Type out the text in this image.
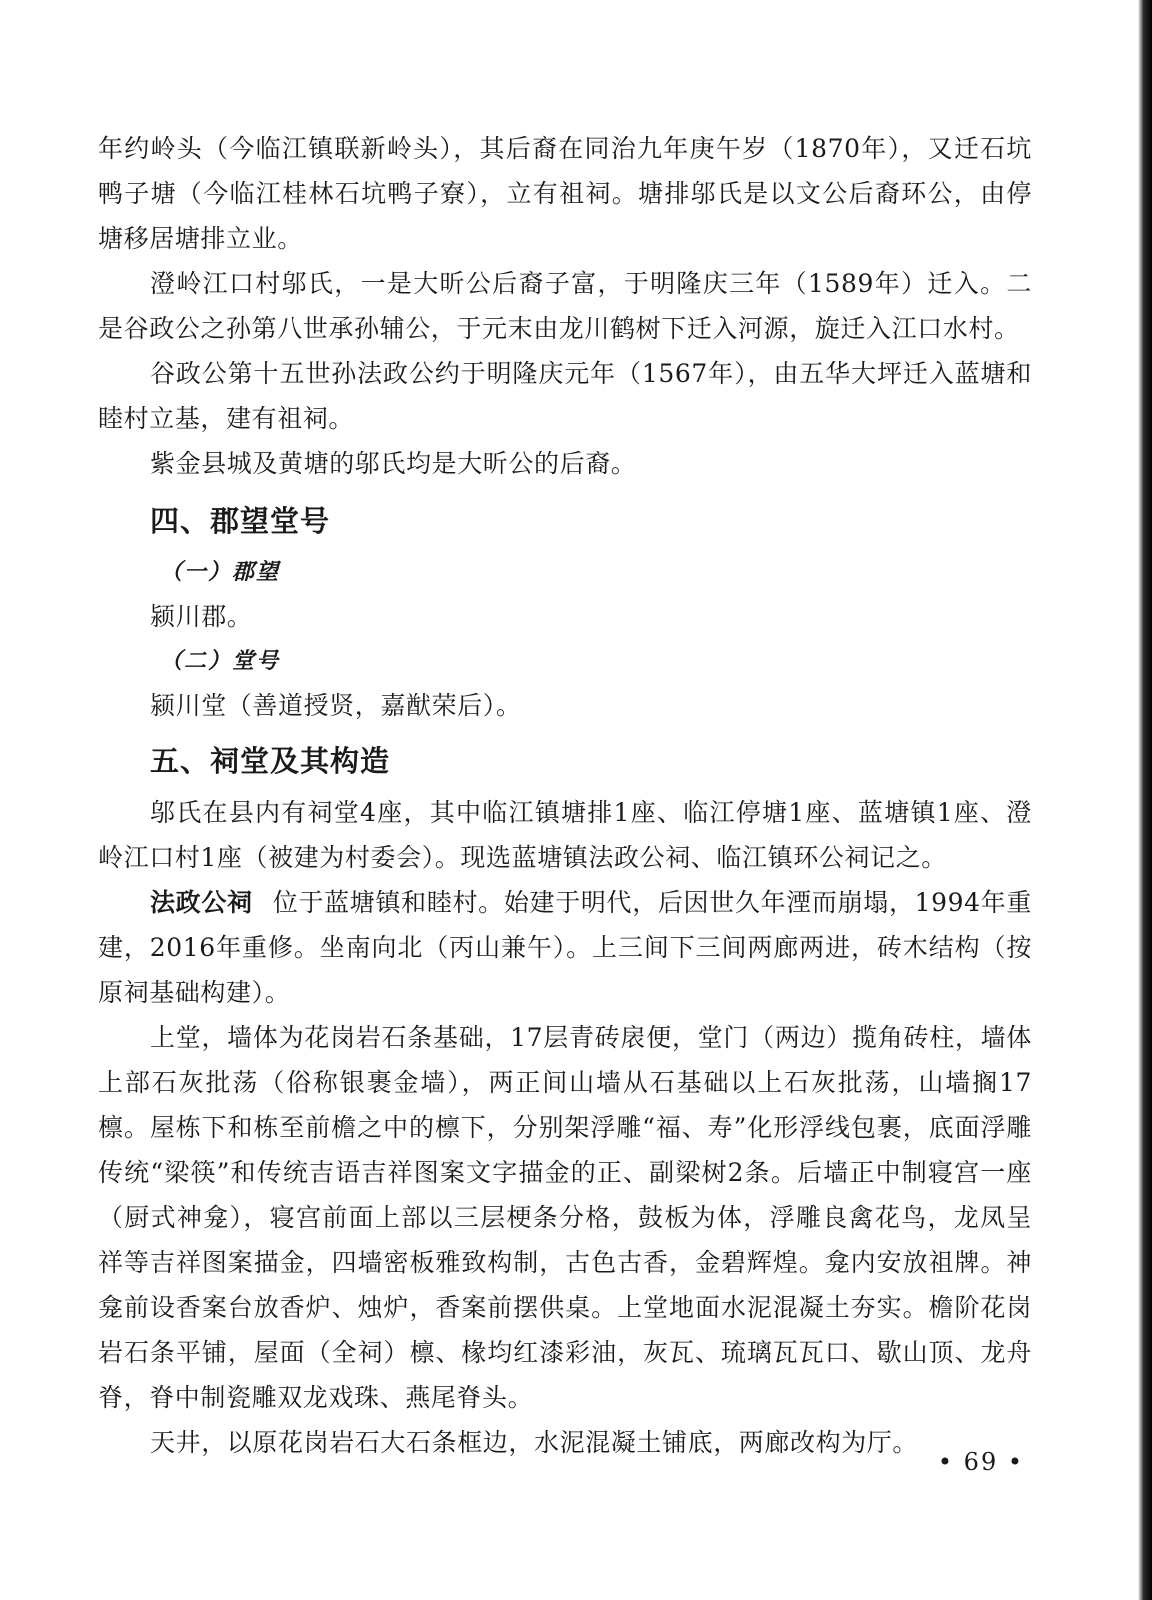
年约岭头（今临江镇联新岭头），其后裔在同治九年庚午岁（1870年），又迁石坑鸭子塘（今临江桂林石坑鸭子寮），立有祖祠。塘排邬氏是以文公后裔环公，由停塘移居塘排立业。

澄岭江口村邬氏，一是大昕公后裔子富，于明隆庆三年（1589年）迁入。二是谷政公之孙第八世承孙辅公，于元末由龙川鹤树下迁入河源，旋迁入江口水村。

谷政公第十五世孙法政公约于明隆庆元年（1567年），由五华大坪迁入蓝塘和睦村立基，建有祖祠。

紫金县城及黄塘的邬氏均是大昕公的后裔。

四、郡望堂号
（一）郡望

颍川郡。

（二）堂号

颍川堂（善道授贤，嘉猷荣后）。

五、祠堂及其构造

邬氏在县内有祠堂4座，其中临江镇塘排1座、临江停塘1座、蓝塘镇1座、澄岭江口村1座（被建为村委会）。现选蓝塘镇法政公祠、临江镇环公祠记之。

法政公祠 位于蓝塘镇和睦村。始建于明代，后因世久年湮而崩塌，1994年重建，2016年重修。坐南向北（丙山兼午）。上三间下三间两廊两进，砖木结构（按原祠基础构建）。

上堂，墙体为花岗岩石条基础，17层青砖扆便，堂门（两边）揽角砖柱，墙体上部石灰批荡（俗称银裹金墙），两正间山墙从石基础以上石灰批荡，山墙搁17檩。屋栋下和栋至前檐之中的檩下，分别架浮雕“福、寿”化形浮线包裹，底面浮雕传统“梁筷”和传统吉语吉祥图案文字描金的正、副梁树2条。后墙正中制寝宫一座（厨式神龛），寝宫前面上部以三层梗条分格，鼓板为体，浮雕良禽花鸟，龙凤呈祥等吉祥图案描金，四墙密板雅致构制，古色古香，金碧辉煌。龛内安放祖牌。神龛前设香案台放香炉、烛炉，香案前摆供桌。上堂地面水泥混凝土夯实。檐阶花岗岩石条平铺，屋面（全祠）檩、椽均红漆彩油，灰瓦、琉璃瓦瓦口、歇山顶、龙舟脊，脊中制瓷雕双龙戏珠、燕尾脊头。

天井，以原花岗岩石大石条框边，水泥混凝土铺底，两廊改构为厅。

• 69 •
